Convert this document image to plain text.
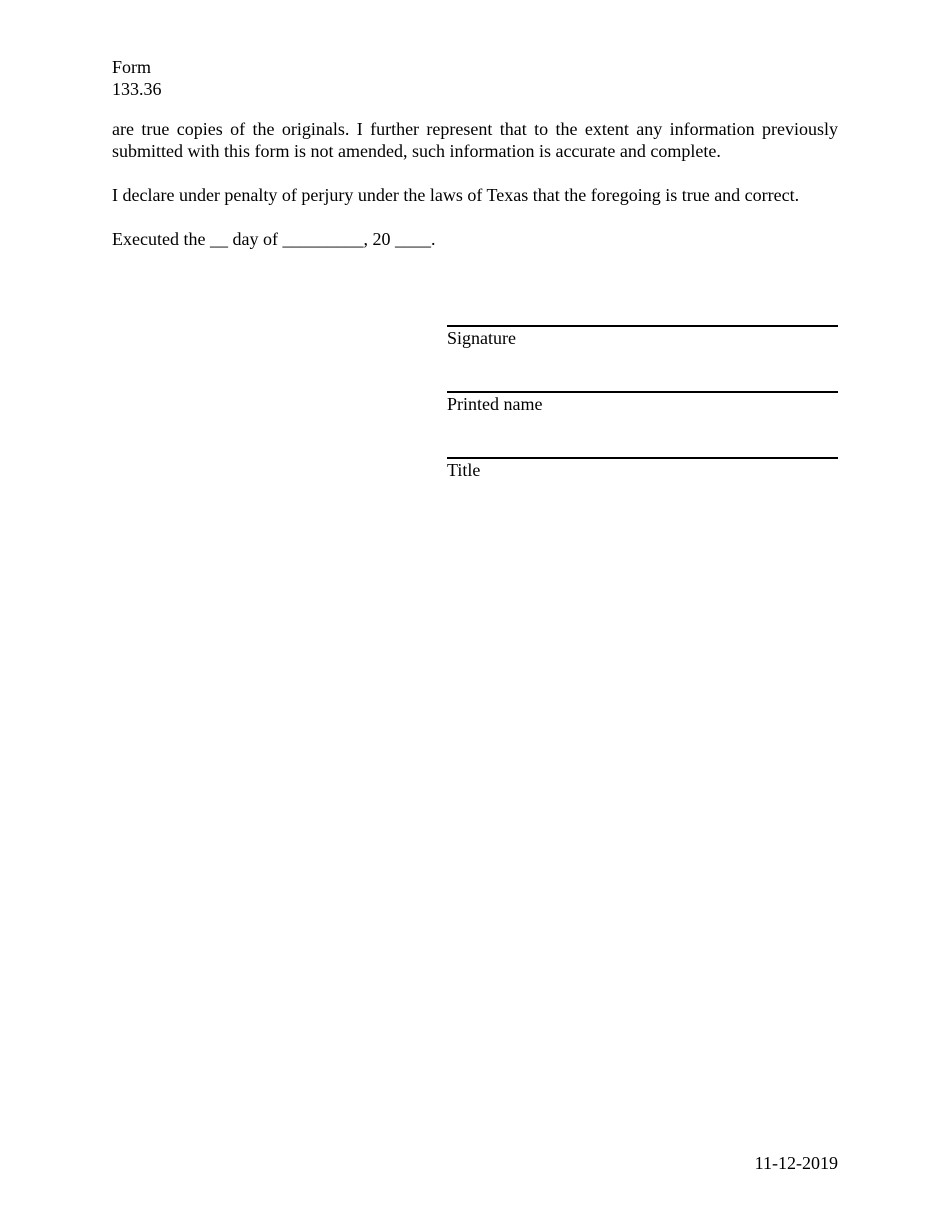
Form
133.36

are true copies of the originals. I further represent that to the extent any information previously submitted with this form is not amended, such information is accurate and complete.

I declare under penalty of perjury under the laws of Texas that the foregoing is true and correct.

Executed the __ day of _________, 20 ____.

Signature
Printed name
Title
11-12-2019
